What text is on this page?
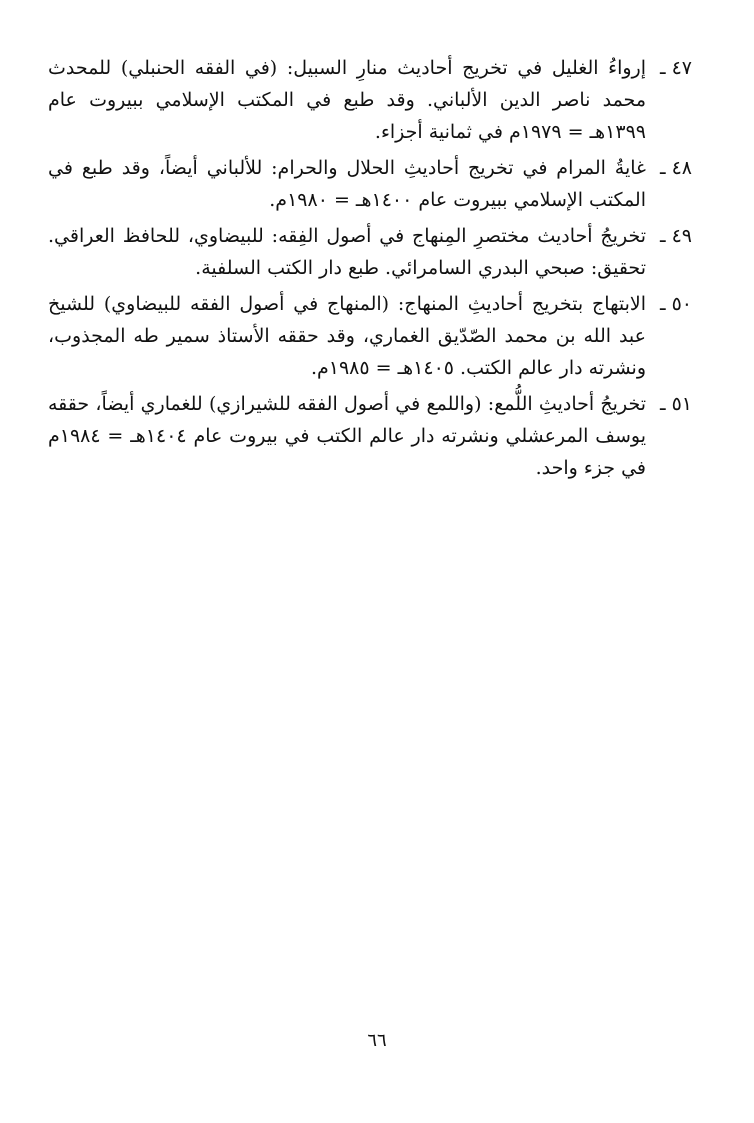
٤٧ ـ
إرواءُ الغليل في تخريج أحاديث منارِ السبيل: (في الفقه الحنبلي) للمحدث محمد ناصر الدين الألباني. وقد طبع في المكتب الإسلامي ببيروت عام ١٣٩٩هـ = ١٩٧٩م في ثمانية أجزاء.
٤٨ ـ
غايةُ المرام في تخريج أحاديثِ الحلال والحرام: للألباني أيضاً، وقد طبع في المكتب الإسلامي ببيروت عام ١٤٠٠هـ = ١٩٨٠م.
٤٩ ـ
تخريجُ أحاديث مختصرِ المِنهاج في أصول الفِقه: للبيضاوي، للحافظ العراقي. تحقيق: صبحي البدري السامرائي. طبع دار الكتب السلفية.
٥٠ ـ
الابتهاج بتخريج أحاديثِ المنهاج: (المنهاج في أصول الفقه للبيضاوي) للشيخ عبد الله بن محمد الصّدّيق الغماري، وقد حققه الأستاذ سمير طه المجذوب، ونشرته دار عالم الكتب. ١٤٠٥هـ = ١٩٨٥م.
٥١ ـ
تخريجُ أحاديثِ اللُّمع: (واللمع في أصول الفقه للشيرازي) للغماري أيضاً، حققه يوسف المرعشلي ونشرته دار عالم الكتب في بيروت عام ١٤٠٤هـ = ١٩٨٤م في جزء واحد.
٦٦
